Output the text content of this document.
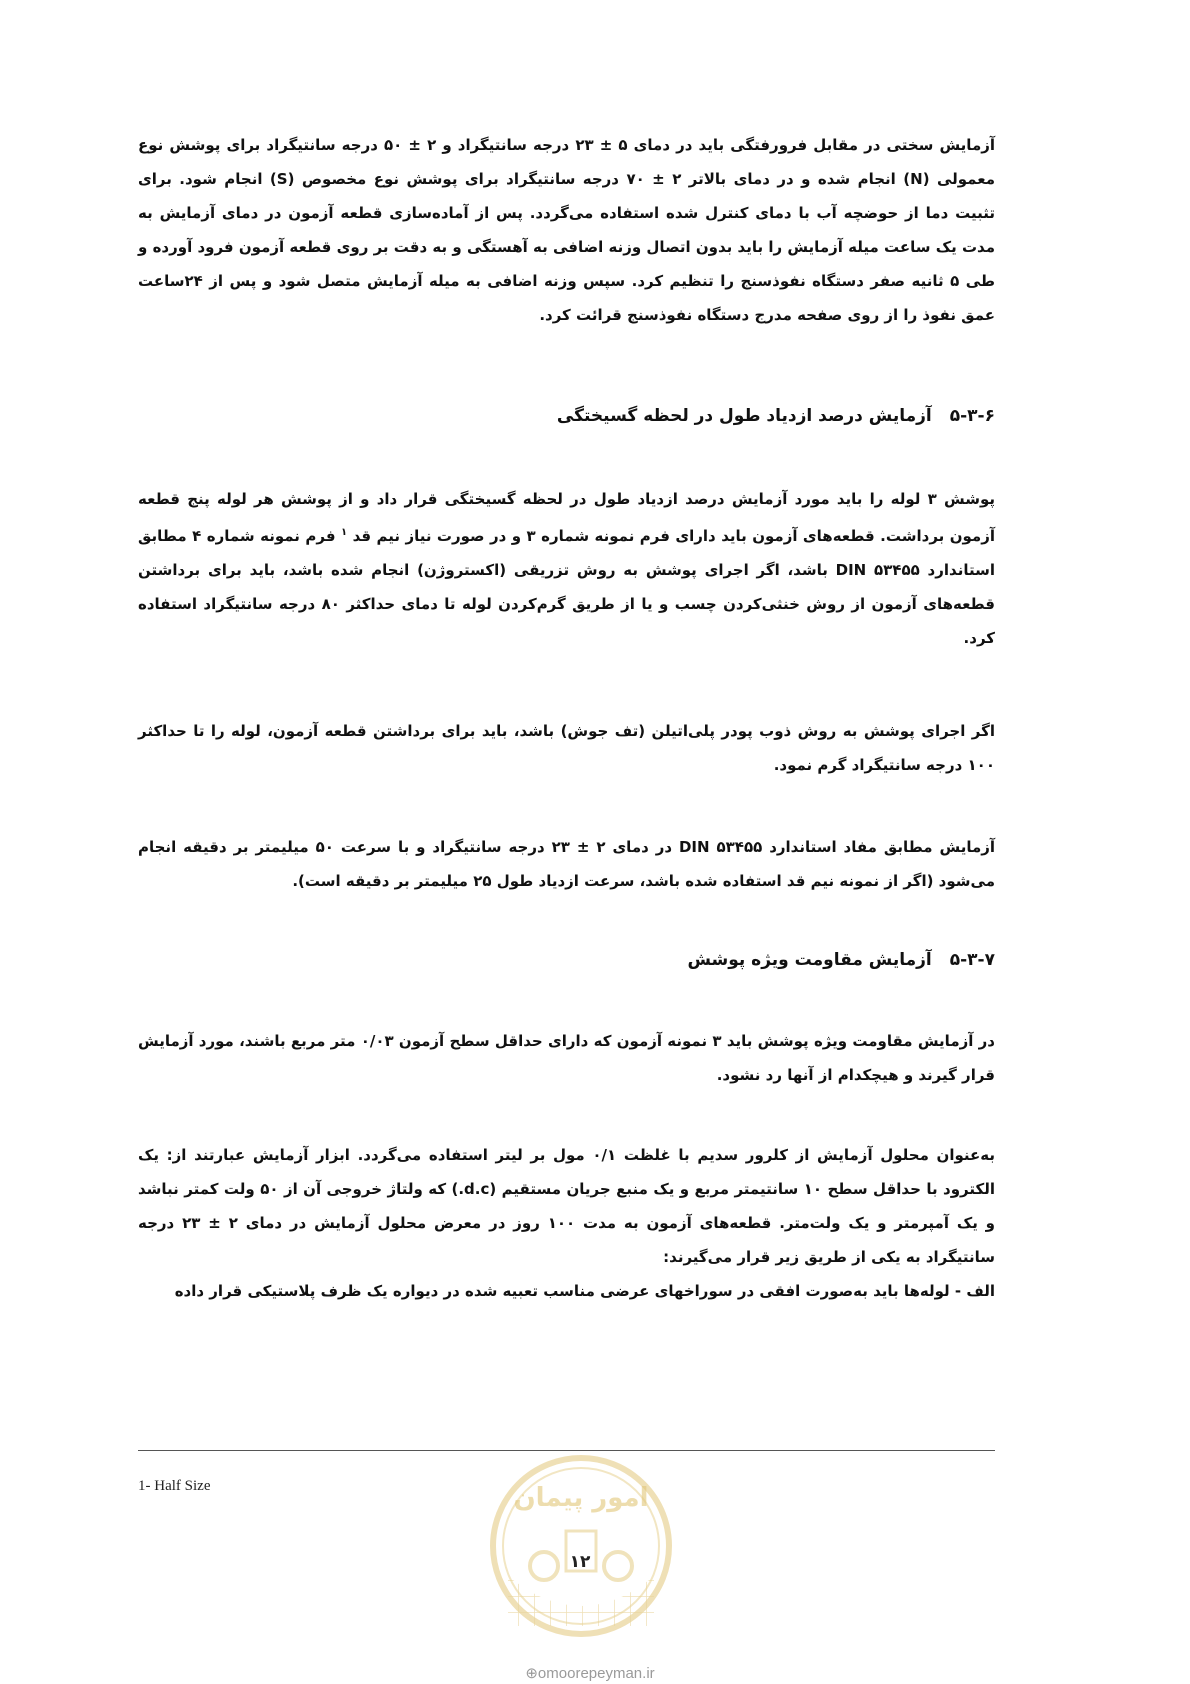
آزمایش سختی در مقابل فرورفتگی باید در دمای ۵ ± ۲۳ درجه سانتیگراد و ۲ ± ۵۰ درجه سانتیگراد برای پوشش نوع معمولی (N) انجام شده و در دمای بالاتر ۲ ± ۷۰ درجه سانتیگراد برای پوشش نوع مخصوص (S) انجام شود. برای تثبیت دما از حوضچه آب با دمای کنترل شده استفاده می‌گردد. پس از آماده‌سازی قطعه آزمون در دمای آزمایش به مدت یک ساعت میله آزمایش را باید بدون اتصال وزنه اضافی به آهستگی و به دقت بر روی قطعه آزمون فرود آورده و طی ۵ ثانیه صفر دستگاه نفوذسنج را تنظیم کرد. سپس وزنه اضافی به میله آزمایش متصل شود و پس از ۲۴ساعت عمق نفوذ را از روی صفحه مدرج دستگاه نفوذسنج قرائت کرد.

۵-۳-۶آزمایش درصد ازدیاد طول در لحظه گسیختگی

پوشش ۳ لوله را باید مورد آزمایش درصد ازدیاد طول در لحظه گسیختگی قرار داد و از پوشش هر لوله پنج قطعه آزمون برداشت. قطعه‌های آزمون باید دارای فرم نمونه شماره ۳ و در صورت نیاز نیم قد $^۱$ فرم نمونه شماره ۴ مطابق استاندارد DIN ۵۳۴۵۵ باشد، اگر اجرای پوشش به روش تزریقی (اکستروژن) انجام شده باشد، باید برای برداشتن قطعه‌های آزمون از روش خنثی‌کردن چسب و یا از طریق گرم‌کردن لوله تا دمای حداکثر ۸۰ درجه سانتیگراد استفاده کرد.

اگر اجرای پوشش به روش ذوب پودر پلی‌اتیلن (تف جوش) باشد، باید برای برداشتن قطعه آزمون، لوله را تا حداکثر ۱۰۰ درجه سانتیگراد گرم نمود.

آزمایش مطابق مفاد استاندارد DIN ۵۳۴۵۵ در دمای ۲ ± ۲۳ درجه سانتیگراد و با سرعت ۵۰ میلیمتر بر دقیقه انجام می‌شود (اگر از نمونه نیم قد استفاده شده باشد، سرعت ازدیاد طول ۲۵ میلیمتر بر دقیقه است).

۵-۳-۷آزمایش مقاومت ویژه پوشش

در آزمایش مقاومت ویژه پوشش باید ۳ نمونه آزمون که دارای حداقل سطح آزمون ۰/۰۳ متر مربع باشند، مورد آزمایش قرار گیرند و هیچکدام از آنها رد نشود.

به‌عنوان محلول آزمایش از کلرور سدیم با غلظت ۰/۱ مول بر لیتر استفاده می‌گردد. ابزار آزمایش عبارتند از: یک الکترود با حداقل سطح ۱۰ سانتیمتر مربع و یک منبع جریان مستقیم (d.c.) که ولتاژ خروجی آن از ۵۰ ولت کمتر نباشد و یک آمپرمتر و یک ولت‌متر. قطعه‌های آزمون به مدت ۱۰۰ روز در معرض محلول آزمایش در دمای ۲ ± ۲۳ درجه سانتیگراد به یکی از طریق زیر قرار می‌گیرند:

الف - لوله‌ها باید به‌صورت افقی در سوراخهای عرضی مناسب تعبیه شده در دیواره یک ظرف پلاستیکی قرار داده

1- Half Size	امور پیمان
۱۲
⊕omoorepeyman.ir
